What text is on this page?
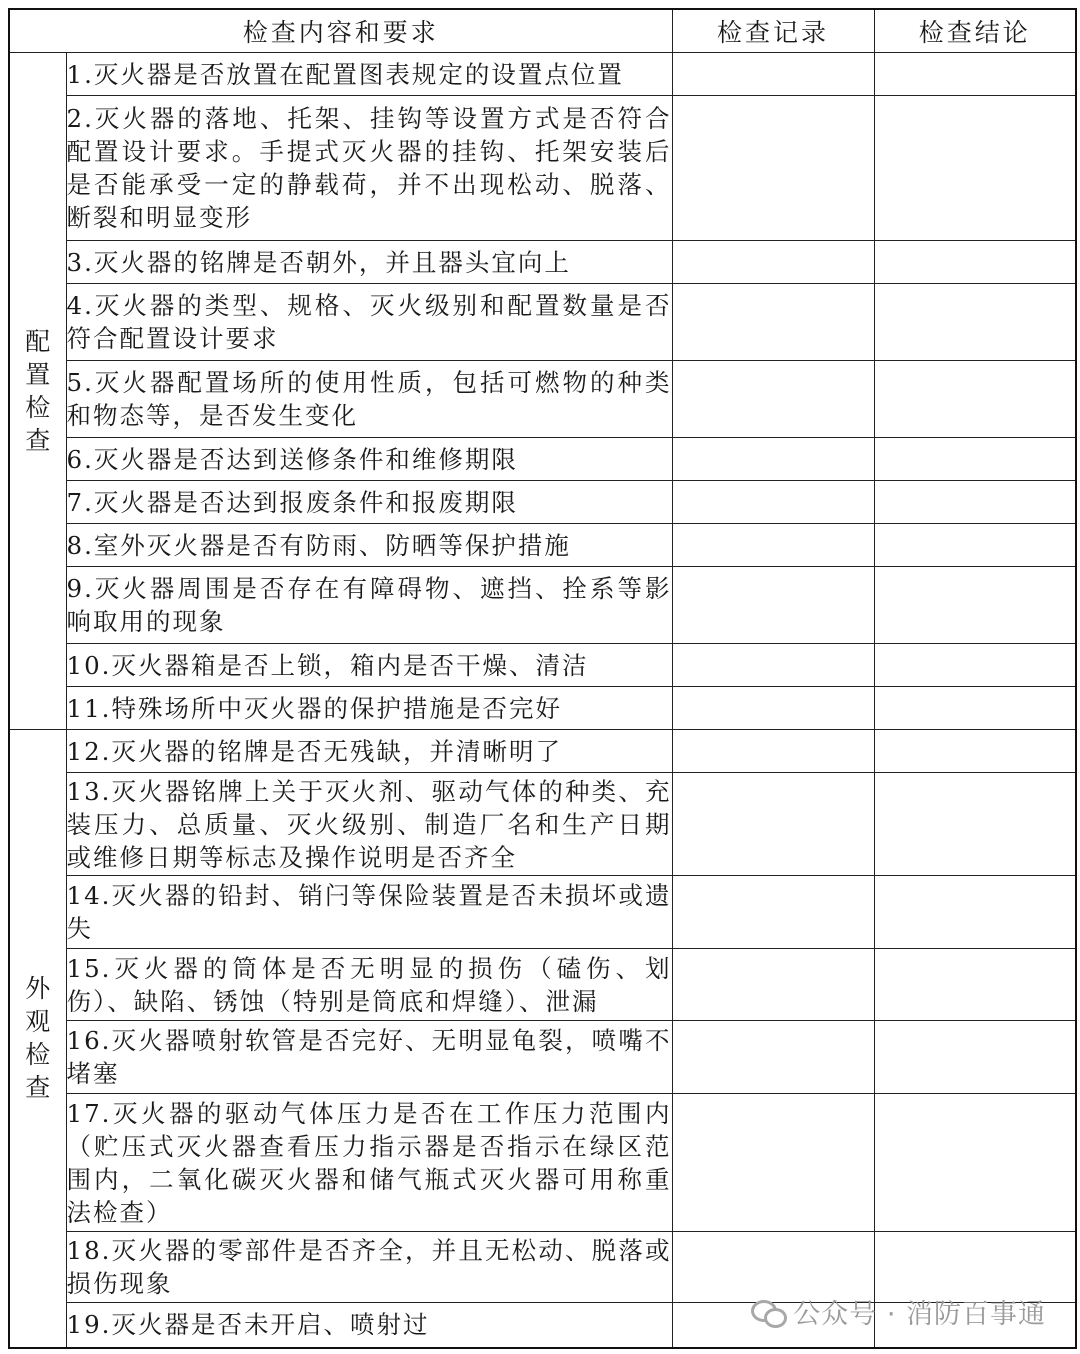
检查内容和要求		检查记录	检查结论
配置检查	1.灭火器是否放置在配置图表规定的设置点位置		
	2.灭火器的落地、托架、挂钩等设置方式是否符合配置设计要求。手提式灭火器的挂钩、托架安装后是否能承受一定的静载荷，并不出现松动、脱落、断裂和明显变形		
	3.灭火器的铭牌是否朝外，并且器头宜向上		
	4.灭火器的类型、规格、灭火级别和配置数量是否符合配置设计要求		
	5.灭火器配置场所的使用性质，包括可燃物的种类和物态等，是否发生变化		
	6.灭火器是否达到送修条件和维修期限		
	7.灭火器是否达到报废条件和报废期限		
	8.室外灭火器是否有防雨、防晒等保护措施		
	9.灭火器周围是否存在有障碍物、遮挡、拴系等影响取用的现象		
	10.灭火器箱是否上锁，箱内是否干燥、清洁		
	11.特殊场所中灭火器的保护措施是否完好		
外观检查	12.灭火器的铭牌是否无残缺，并清晰明了		
	13.灭火器铭牌上关于灭火剂、驱动气体的种类、充装压力、总质量、灭火级别、制造厂名和生产日期或维修日期等标志及操作说明是否齐全		
	14.灭火器的铅封、销闩等保险装置是否未损坏或遗失		
	15.灭火器的筒体是否无明显的损伤（磕伤、划伤）、缺陷、锈蚀（特别是筒底和焊缝）、泄漏		
	16.灭火器喷射软管是否完好、无明显龟裂，喷嘴不堵塞		
	17.灭火器的驱动气体压力是否在工作压力范围内（贮压式灭火器查看压力指示器是否指示在绿区范围内，二氧化碳灭火器和储气瓶式灭火器可用称重法检查）		
	18.灭火器的零部件是否齐全，并且无松动、脱落或损伤现象		
	19.灭火器是否未开启、喷射过			公众号 · 消防百事通
